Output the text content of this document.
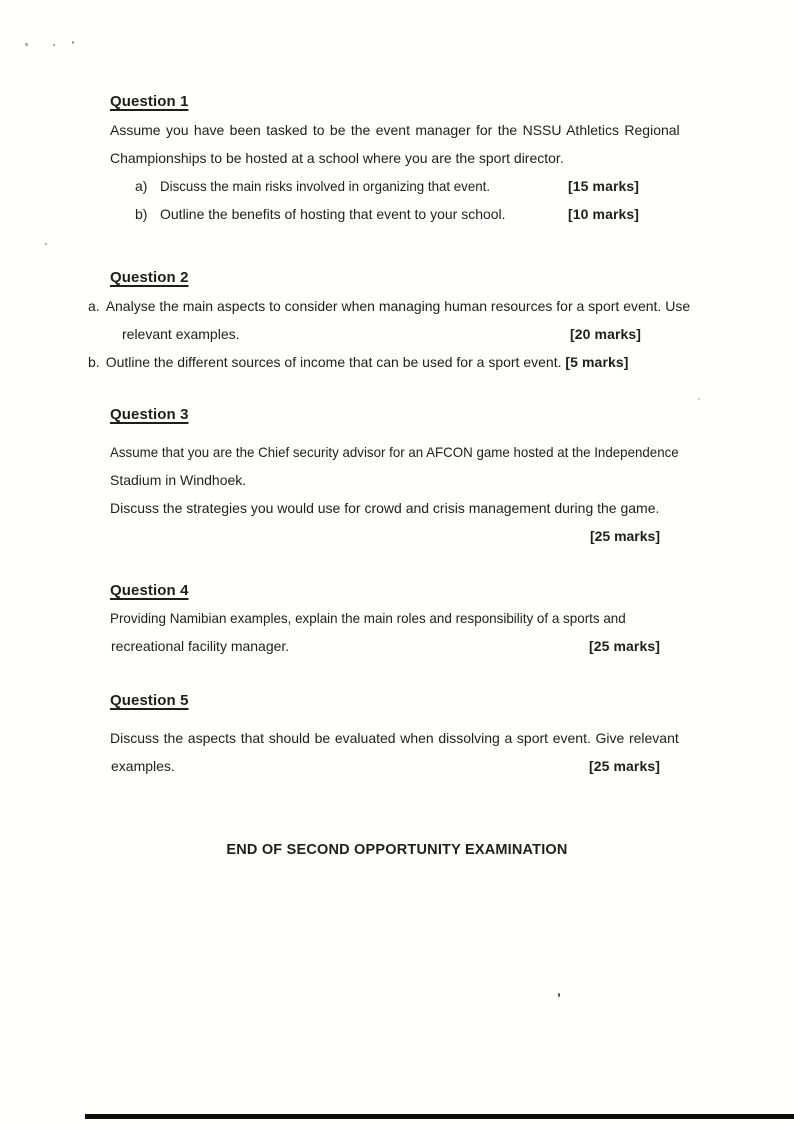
Question 1
Assume you have been tasked to be the event manager for the NSSU Athletics Regional
Championships to be hosted at a school where you are the sport director.
a) Discuss the main risks involved in organizing that event.	[15 marks]
b) Outline the benefits of hosting that event to your school.	[10 marks]
Question 2
a. Analyse the main aspects to consider when managing human resources for a sport event. Use
relevant examples.	[20 marks]
b. Outline the different sources of income that can be used for a sport event. [5 marks]
Question 3
Assume that you are the Chief security advisor for an AFCON game hosted at the Independence
Stadium in Windhoek.
Discuss the strategies you would use for crowd and crisis management during the game.
[25 marks]
Question 4
Providing Namibian examples, explain the main roles and responsibility of a sports and
recreational facility manager.	[25 marks]
Question 5
Discuss the aspects that should be evaluated when dissolving a sport event. Give relevant
examples.	[25 marks]
END OF SECOND OPPORTUNITY EXAMINATION
